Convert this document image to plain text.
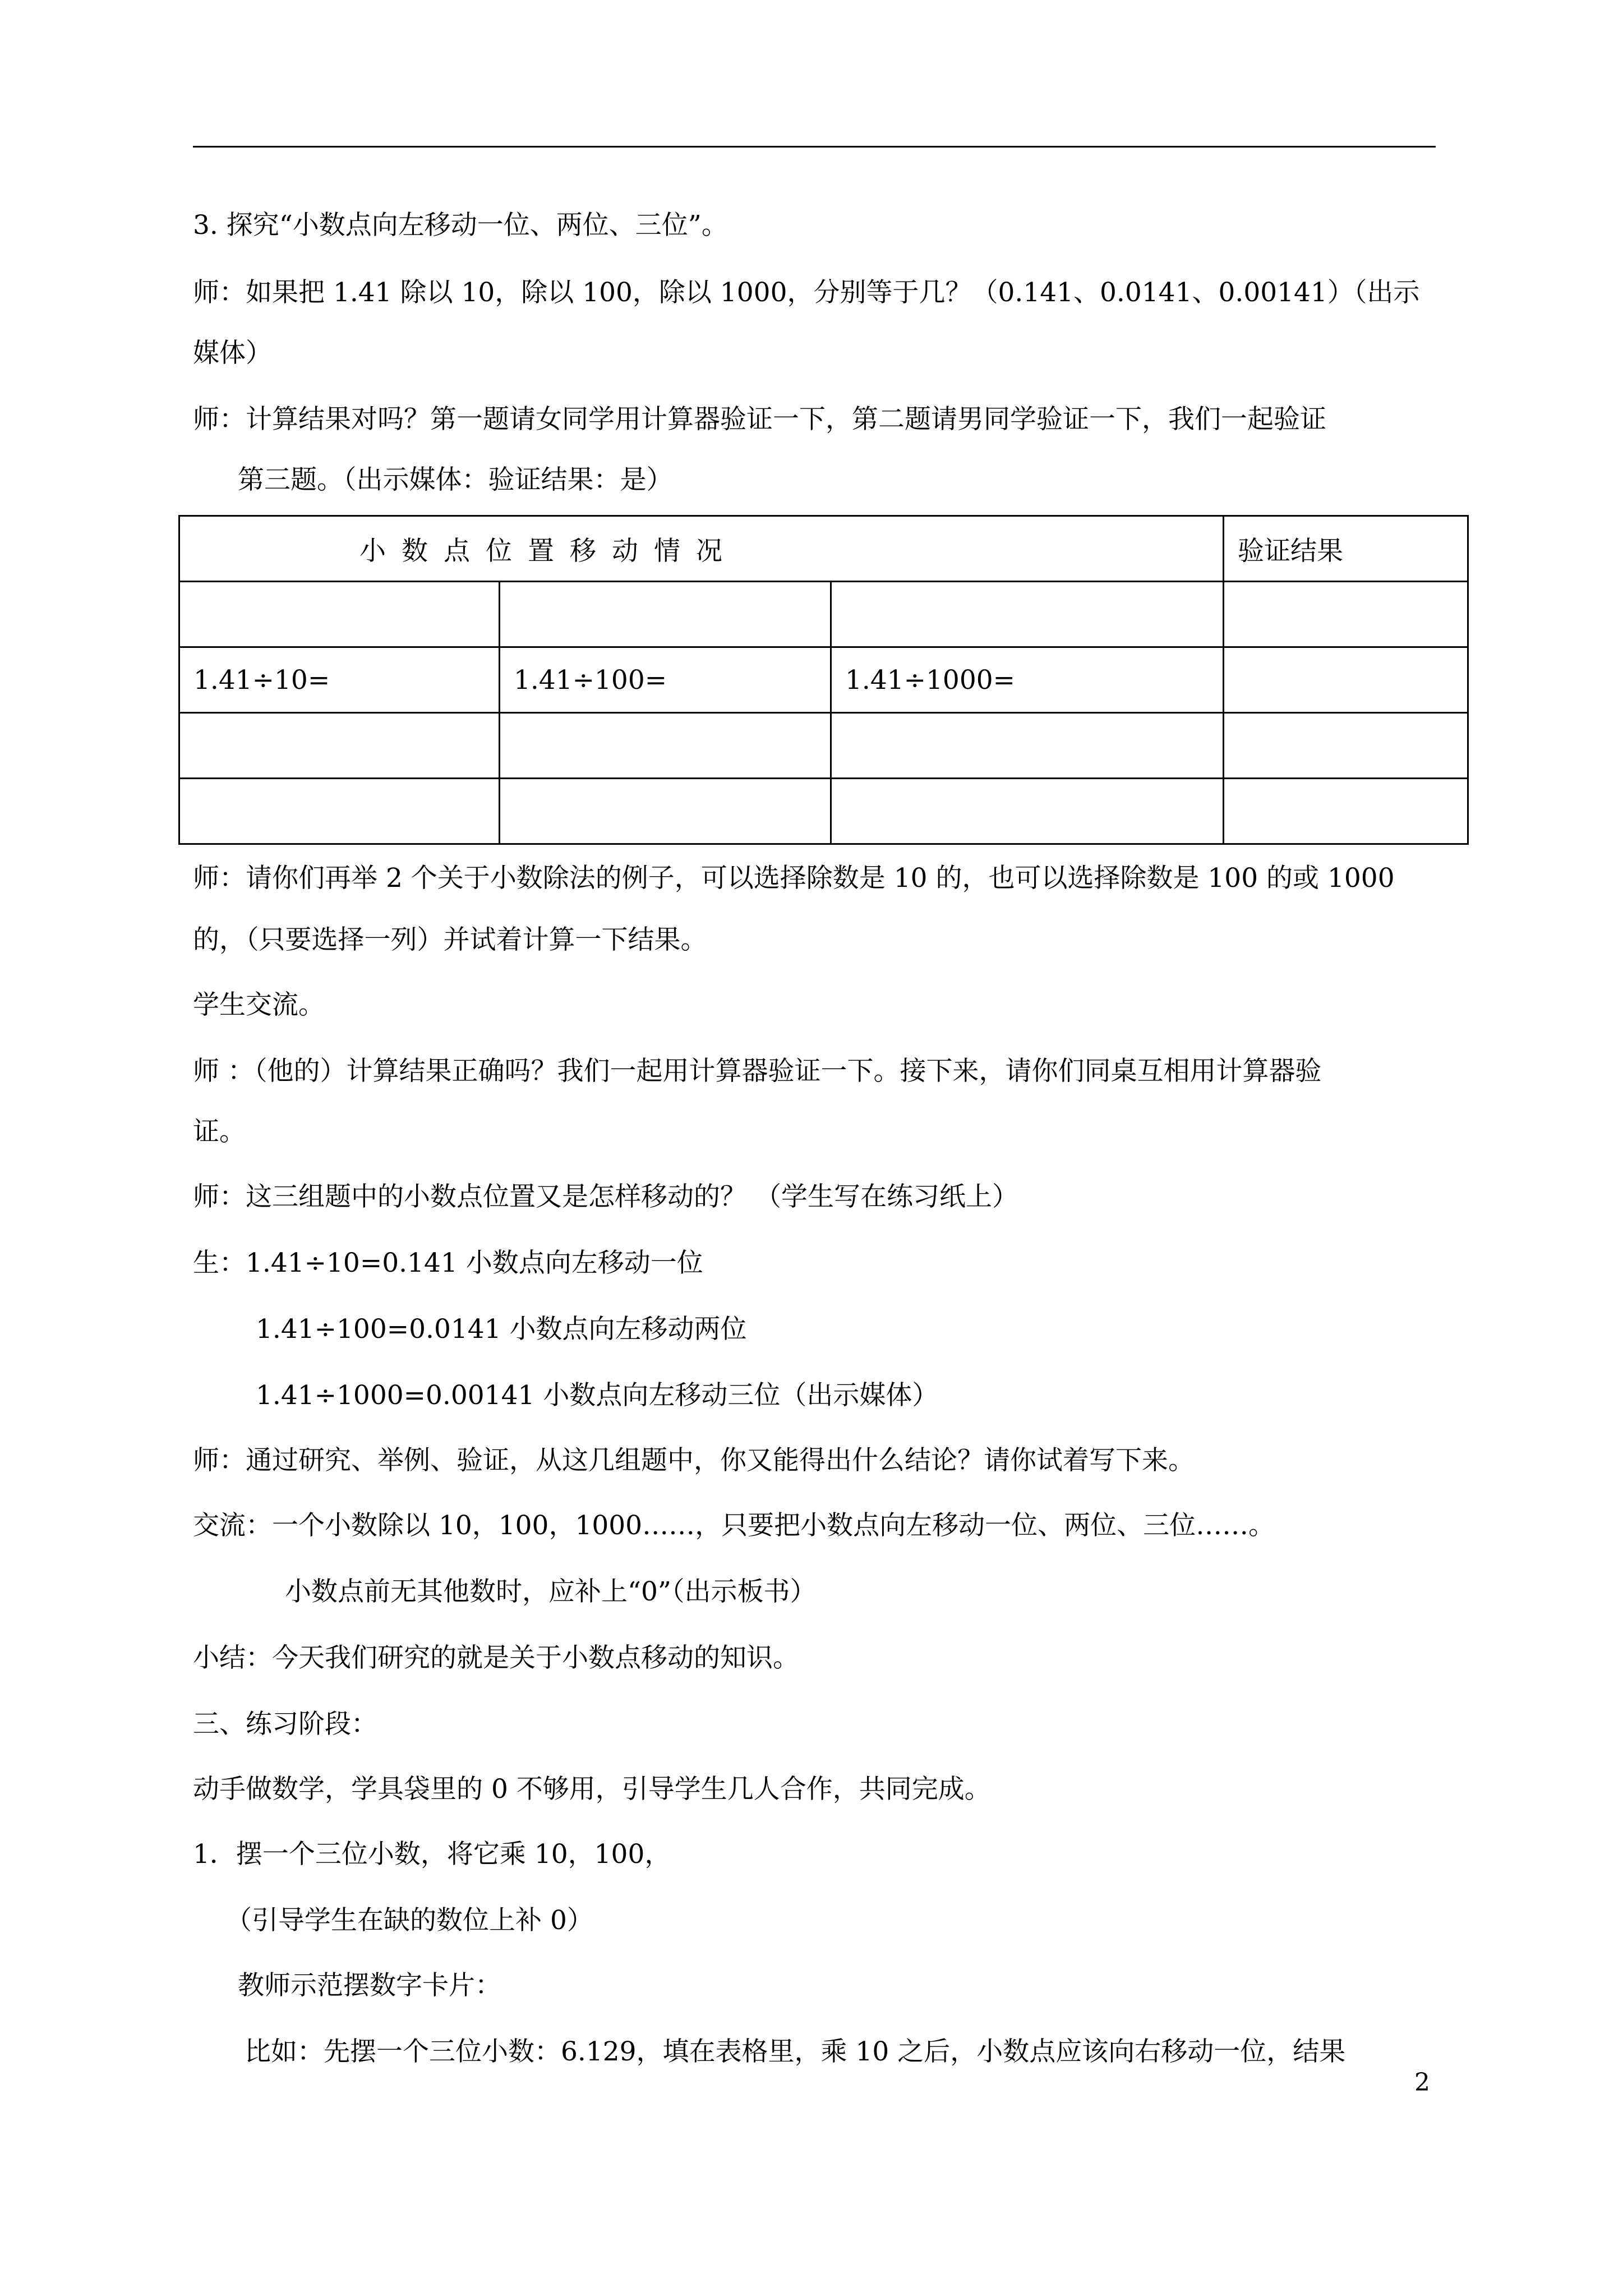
3. 探究“小数点向左移动一位、两位、三位”。
师：如果把 1.41 除以 10，除以 100，除以 1000，分别等于几？（0.141、0.0141、0.00141）（出示
媒体）
师：计算结果对吗？第一题请女同学用计算器验证一下，第二题请男同学验证一下，我们一起验证
第三题。（出示媒体：验证结果：是）
小数点位置移动情况			验证结果

1.41÷10=	1.41÷100=	1.41÷1000=	

师：请你们再举 2 个关于小数除法的例子，可以选择除数是 10 的，也可以选择除数是 100 的或 1000
的，（只要选择一列）并试着计算一下结果。
学生交流。
师 ：（他的）计算结果正确吗？我们一起用计算器验证一下。接下来，请你们同桌互相用计算器验
证。
师：这三组题中的小数点位置又是怎样移动的？ （学生写在练习纸上）
生：1.41÷10=0.141 小数点向左移动一位
1.41÷100=0.0141 小数点向左移动两位
1.41÷1000=0.00141 小数点向左移动三位（出示媒体）
师：通过研究、举例、验证，从这几组题中，你又能得出什么结论？请你试着写下来。
交流：一个小数除以 10，100，1000……，只要把小数点向左移动一位、两位、三位……。
小数点前无其他数时，应补上“0”（出示板书）
小结：今天我们研究的就是关于小数点移动的知识。
三、练习阶段：
动手做数学，学具袋里的 0 不够用，引导学生几人合作，共同完成。
1．摆一个三位小数，将它乘 10，100，
（引导学生在缺的数位上补 0）
教师示范摆数字卡片：
比如：先摆一个三位小数：6.129，填在表格里，乘 10 之后，小数点应该向右移动一位，结果
2
